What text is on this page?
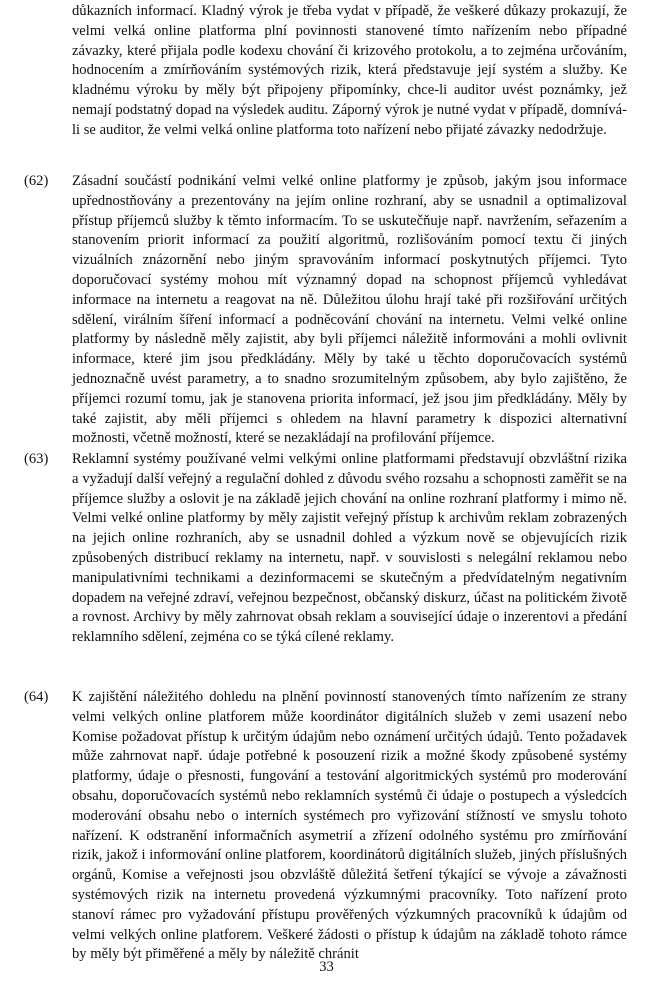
důkazních informací. Kladný výrok je třeba vydat v případě, že veškeré důkazy prokazují, že velmi velká online platforma plní povinnosti stanovené tímto nařízením nebo případné závazky, které přijala podle kodexu chování či krizového protokolu, a to zejména určováním, hodnocením a zmírňováním systémových rizik, která představuje její systém a služby. Ke kladnému výroku by měly být připojeny připomínky, chce-li auditor uvést poznámky, jež nemají podstatný dopad na výsledek auditu. Záporný výrok je nutné vydat v případě, domnívá-li se auditor, že velmi velká online platforma toto nařízení nebo přijaté závazky nedodržuje.

(62) Zásadní součástí podnikání velmi velké online platformy je způsob, jakým jsou informace upřednostňovány a prezentovány na jejím online rozhraní, aby se usnadnil a optimalizoval přístup příjemců služby k těmto informacím. To se uskutečňuje např. navržením, seřazením a stanovením priorit informací za použití algoritmů, rozlišováním pomocí textu či jiných vizuálních znázornění nebo jiným spravováním informací poskytnutých příjemci. Tyto doporučovací systémy mohou mít významný dopad na schopnost příjemců vyhledávat informace na internetu a reagovat na ně. Důležitou úlohu hrají také při rozšiřování určitých sdělení, virálním šíření informací a podněcování chování na internetu. Velmi velké online platformy by následně měly zajistit, aby byli příjemci náležitě informováni a mohli ovlivnit informace, které jim jsou předkládány. Měly by také u těchto doporučovacích systémů jednoznačně uvést parametry, a to snadno srozumitelným způsobem, aby bylo zajištěno, že příjemci rozumí tomu, jak je stanovena priorita informací, jež jsou jim předkládány. Měly by také zajistit, aby měli příjemci s ohledem na hlavní parametry k dispozici alternativní možnosti, včetně možností, které se nezakládají na profilování příjemce.

(63) Reklamní systémy používané velmi velkými online platformami představují obzvláštní rizika a vyžadují další veřejný a regulační dohled z důvodu svého rozsahu a schopnosti zaměřit se na příjemce služby a oslovit je na základě jejich chování na online rozhraní platformy i mimo ně. Velmi velké online platformy by měly zajistit veřejný přístup k archivům reklam zobrazených na jejich online rozhraních, aby se usnadnil dohled a výzkum nově se objevujících rizik způsobených distribucí reklamy na internetu, např. v souvislosti s nelegální reklamou nebo manipulativními technikami a dezinformacemi se skutečným a předvídatelným negativním dopadem na veřejné zdraví, veřejnou bezpečnost, občanský diskurz, účast na politickém životě a rovnost. Archivy by měly zahrnovat obsah reklam a související údaje o inzerentovi a předání reklamního sdělení, zejména co se týká cílené reklamy.

(64) K zajištění náležitého dohledu na plnění povinností stanovených tímto nařízením ze strany velmi velkých online platforem může koordinátor digitálních služeb v zemi usazení nebo Komise požadovat přístup k určitým údajům nebo oznámení určitých údajů. Tento požadavek může zahrnovat např. údaje potřebné k posouzení rizik a možné škody způsobené systémy platformy, údaje o přesnosti, fungování a testování algoritmických systémů pro moderování obsahu, doporučovacích systémů nebo reklamních systémů či údaje o postupech a výsledcích moderování obsahu nebo o interních systémech pro vyřizování stížností ve smyslu tohoto nařízení. K odstranění informačních asymetrií a zřízení odolného systému pro zmírňování rizik, jakož i informování online platforem, koordinátorů digitálních služeb, jiných příslušných orgánů, Komise a veřejnosti jsou obzvláště důležitá šetření týkající se vývoje a závažnosti systémových rizik na internetu provedená výzkumnými pracovníky. Toto nařízení proto stanoví rámec pro vyžadování přístupu prověřených výzkumných pracovníků k údajům od velmi velkých online platforem. Veškeré žádosti o přístup k údajům na základě tohoto rámce by měly být přiměřené a měly by náležitě chránit

33
